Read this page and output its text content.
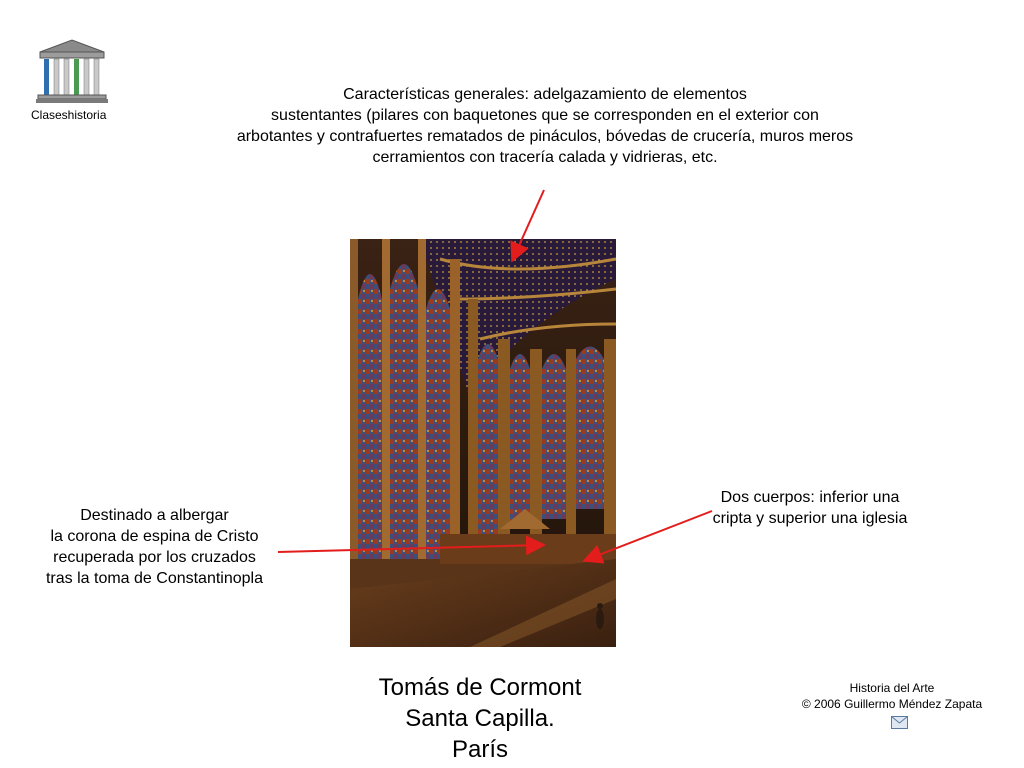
Claseshistoria
Características generales: adelgazamiento de elementos
sustentantes (pilares con baquetones que se corresponden en el exterior con
arbotantes y contrafuertes rematados de pináculos, bóvedas de crucería, muros meros
cerramientos con tracería calada y vidrieras, etc.
Destinado a albergar
la corona de espina de Cristo
recuperada por los cruzados
tras la toma de Constantinopla
Dos cuerpos: inferior una
cripta y superior una iglesia
Tomás de Cormont
Santa Capilla.
París
Historia del Arte
© 2006 Guillermo Méndez Zapata
